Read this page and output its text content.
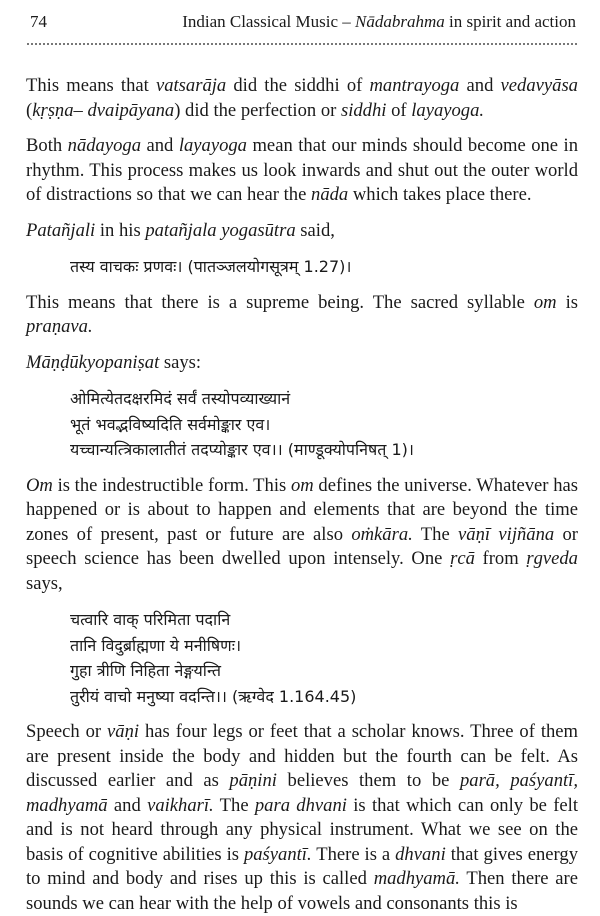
74	Indian Classical Music – Nādabrahma in spirit and action

This means that vatsarāja did the siddhi of mantrayoga and vedavyāsa (kṛṣṇa– dvaipāyana) did the perfection or siddhi of layayoga.

Both nādayoga and layayoga mean that our minds should become one in rhythm. This process makes us look inwards and shut out the outer world of distractions so that we can hear the nāda which takes place there.

Patañjali in his patañjala yogasūtra said,

तस्य वाचकः प्रणवः। (पातञ्जलयोगसूत्रम् 1.27)।

This means that there is a supreme being. The sacred syllable om is praṇava.

Māṇḍūkyopaniṣat says:

ओमित्येतदक्षरमिदं सर्वं तस्योपव्याख्यानं
भूतं भवद्भविष्यदिति सर्वमोङ्कार एव।
यच्चान्यत्त्रिकालातीतं तदप्योङ्कार एव।। (माण्डूक्योपनिषत् 1)।

Om is the indestructible form. This om defines the universe. Whatever has happened or is about to happen and elements that are beyond the time zones of present, past or future are also oṁkāra. The vāṇī vijñāna or speech science has been dwelled upon intensely. One ṛcā from ṛgveda says,

चत्वारि वाक् परिमिता पदानि
तानि विदुर्ब्राह्मणा ये मनीषिणः।
गुहा त्रीणि निहिता नेङ्गयन्ति
तुरीयं वाचो मनुष्या वदन्ति।। (ऋग्वेद 1.164.45)

Speech or vāṇi has four legs or feet that a scholar knows. Three of them are present inside the body and hidden but the fourth can be felt. As discussed earlier and as pāṇini believes them to be parā, paśyantī, madhyamā and vaikharī. The para dhvani is that which can only be felt and is not heard through any physical instrument. What we see on the basis of cognitive abilities is paśyantī. There is a dhvani that gives energy to mind and body and rises up this is called madhyamā. Then there are sounds we can hear with the help of vowels and consonants this is
